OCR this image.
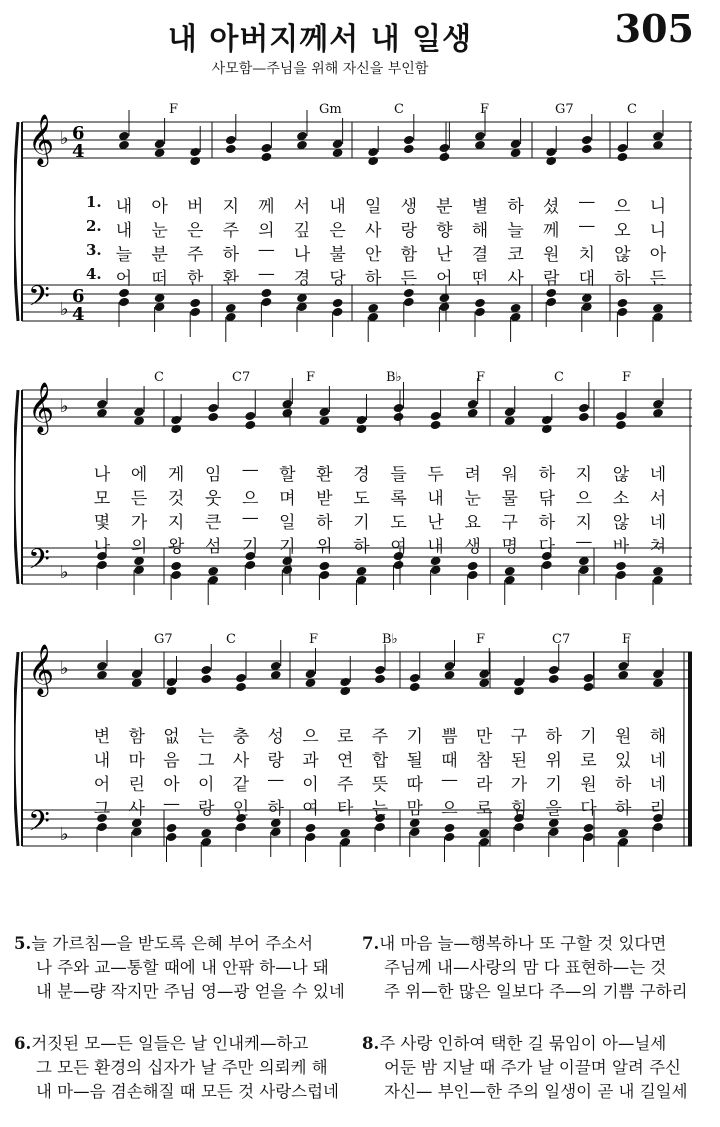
내 아버지께서 내 일생	305
사모함—주님을 위해 자신을 부인함
𝄞
𝄢
♭
♭
6
4
6
4
F	Gm	C	F	G7	C
1. 내 아 버 지 께 서 내 일 생 분 별 하 셨 — 으 니
2. 내 눈 은 주 의 깊 은 사 랑 향 해 늘 께 — 오 니
3. 늘 분 주 하 — 나 불 안 함 난 결 코 원 치 않 아
4. 어 떠 한 환 — 경 당 하 든 어 떤 사 람 대 하 든
𝄞
𝄢
♭
♭
C	C7	F	B♭	F	C	F
나 에 게 임 — 할 환 경 들 두 려 워 하 지 않 네
모 든 것 웃 으 며 받 도 록 내 눈 물 닦 으 소 서
몇 가 지 큰 — 일 하 기 도 난 요 구 하 지 않 네
나 의 왕 섬 기 기 위 하 여 내 생 명 다 — 바 쳐
𝄞
𝄢
♭
♭
G7	C	F	B♭	F	C7	F
변 함 없 는 충 성 으 로 주 기 쁨 만 구 하 기 원 해
내 마 음 그 사 랑 과 연 합 될 때 참 된 위 로 있 네
어 린 아 이 같 — 이 주 뜻 따 — 라 가 기 원 하 네
그 사 — 랑 인 하 여 타 는 맘 으 로 힘 을 다 하 리
5.늘 가르침—을 받도록 은혜 부어 주소서
나 주와 교—통할 때에 내 안팎 하—나 돼
내 분—량 작지만 주님 영—광 얻을 수 있네
7.내 마음 늘—행복하나 또 구할 것 있다면
주님께 내—사랑의 맘 다 표현하—는 것
주 위—한 많은 일보다 주—의 기쁨 구하리
6.거짓된 모—든 일들은 날 인내케—하고
그 모든 환경의 십자가 날 주만 의뢰케 해
내 마—음 겸손해질 때 모든 것 사랑스럽네
8.주 사랑 인하여 택한 길 묶임이 아—닐세
어둔 밤 지날 때 주가 날 이끌며 알려 주신
자신— 부인—한 주의 일생이 곧 내 길일세
